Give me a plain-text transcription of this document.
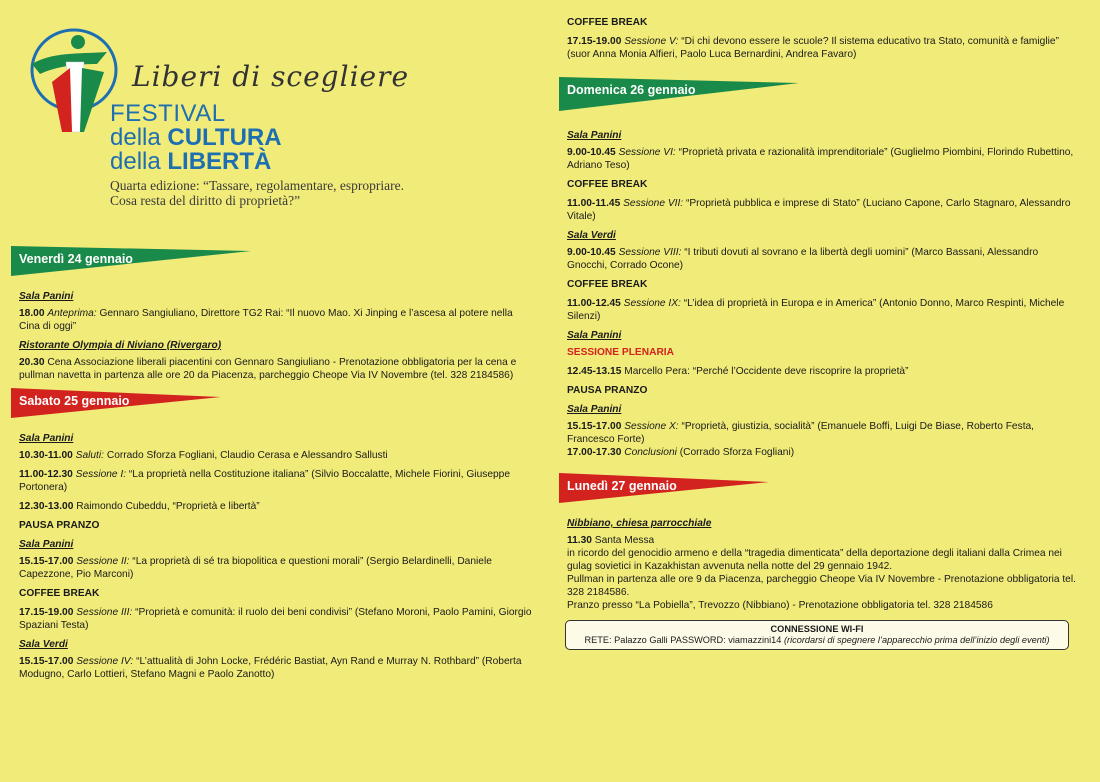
Liberi di scegliere
FESTIVAL
della CULTURA
della LIBERTÀ
Quarta edizione: “Tassare, regolamentare, espropriare. Cosa resta del diritto di proprietà?”
Venerdì 24 gennaio
Sala Panini
18.00 Anteprima: Gennaro Sangiuliano, Direttore TG2 Rai: “Il nuovo Mao. Xi Jinping e l’ascesa al potere nella Cina di oggi”
Ristorante Olympia di Niviano (Rivergaro)
20.30 Cena Associazione liberali piacentini con Gennaro Sangiuliano - Prenotazione obbligatoria per la cena e pullman navetta in partenza alle ore 20 da Piacenza, parcheggio Cheope Via IV Novembre (tel. 328 2184586)
Sabato 25 gennaio
Sala Panini
10.30-11.00 Saluti: Corrado Sforza Fogliani, Claudio Cerasa e Alessandro Sallusti
11.00-12.30 Sessione I: “La proprietà nella Costituzione italiana” (Silvio Boccalatte, Michele Fiorini, Giuseppe Portonera)
12.30-13.00 Raimondo Cubeddu, “Proprietà e libertà”
PAUSA PRANZO
Sala Panini
15.15-17.00 Sessione II: “La proprietà di sé tra biopolitica e questioni morali” (Sergio Belardinelli, Daniele Capezzone, Pio Marconi)
COFFEE BREAK
17.15-19.00 Sessione III: “Proprietà e comunità: il ruolo dei beni condivisi” (Stefano Moroni, Paolo Pamini, Giorgio Spaziani Testa)
Sala Verdi
15.15-17.00 Sessione IV: “L’attualità di John Locke, Frédéric Bastiat, Ayn Rand e Murray N. Rothbard” (Roberta Modugno, Carlo Lottieri, Stefano Magni e Paolo Zanotto)
COFFEE BREAK
17.15-19.00 Sessione V: “Di chi devono essere le scuole? Il sistema educativo tra Stato, comunità e famiglie” (suor Anna Monia Alfieri, Paolo Luca Bernardini, Andrea Favaro)
Domenica 26 gennaio
Sala Panini
9.00-10.45 Sessione VI: “Proprietà privata e razionalità imprenditoriale” (Guglielmo Piombini, Florindo Rubettino, Adriano Teso)
COFFEE BREAK
11.00-11.45 Sessione VII: “Proprietà pubblica e imprese di Stato” (Luciano Capone, Carlo Stagnaro, Alessandro Vitale)
Sala Verdi
9.00-10.45 Sessione VIII: “I tributi dovuti al sovrano e la libertà degli uomini” (Marco Bassani, Alessandro Gnocchi, Corrado Ocone)
COFFEE BREAK
11.00-12.45 Sessione IX: “L’idea di proprietà in Europa e in America” (Antonio Donno, Marco Respinti, Michele Silenzi)
Sala Panini
SESSIONE PLENARIA
12.45-13.15 Marcello Pera: “Perché l’Occidente deve riscoprire la proprietà”
PAUSA PRANZO
Sala Panini
15.15-17.00 Sessione X: “Proprietà, giustizia, socialità” (Emanuele Boffi, Luigi De Biase, Roberto Festa, Francesco Forte)
17.00-17.30 Conclusioni (Corrado Sforza Fogliani)
Lunedì 27 gennaio
Nibbiano, chiesa parrocchiale
11.30 Santa Messa
in ricordo del genocidio armeno e della “tragedia dimenticata” della deportazione degli italiani dalla Crimea nei gulag sovietici in Kazakhistan avvenuta nella notte del 29 gennaio 1942.
Pullman in partenza alle ore 9 da Piacenza, parcheggio Cheope Via IV Novembre - Prenotazione obbligatoria tel. 328 2184586.
Pranzo presso “La Pobiella”, Trevozzo (Nibbiano) - Prenotazione obbligatoria tel. 328 2184586
CONNESSIONE WI-FI
RETE: Palazzo Galli PASSWORD: viamazzini14 (ricordarsi di spegnere l’apparecchio prima dell’inizio degli eventi)
